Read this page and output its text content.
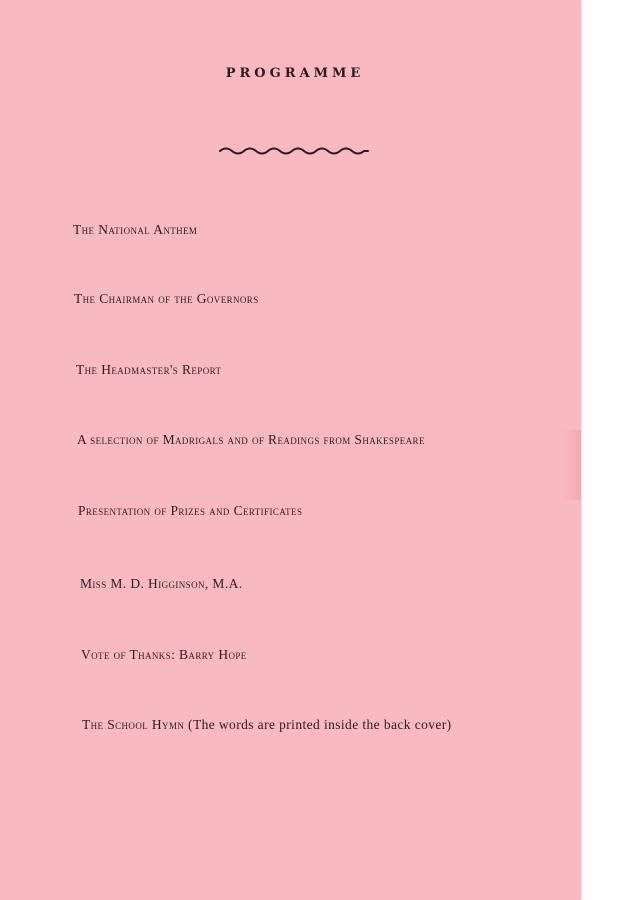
PROGRAMME
The National Anthem
The Chairman of the Governors
The Headmaster's Report
A selection of Madrigals and of Readings from Shakespeare
Presentation of Prizes and Certificates
Miss M. D. Higginson, M.A.
Vote of Thanks: Barry Hope
The School Hymn (The words are printed inside the back cover)
